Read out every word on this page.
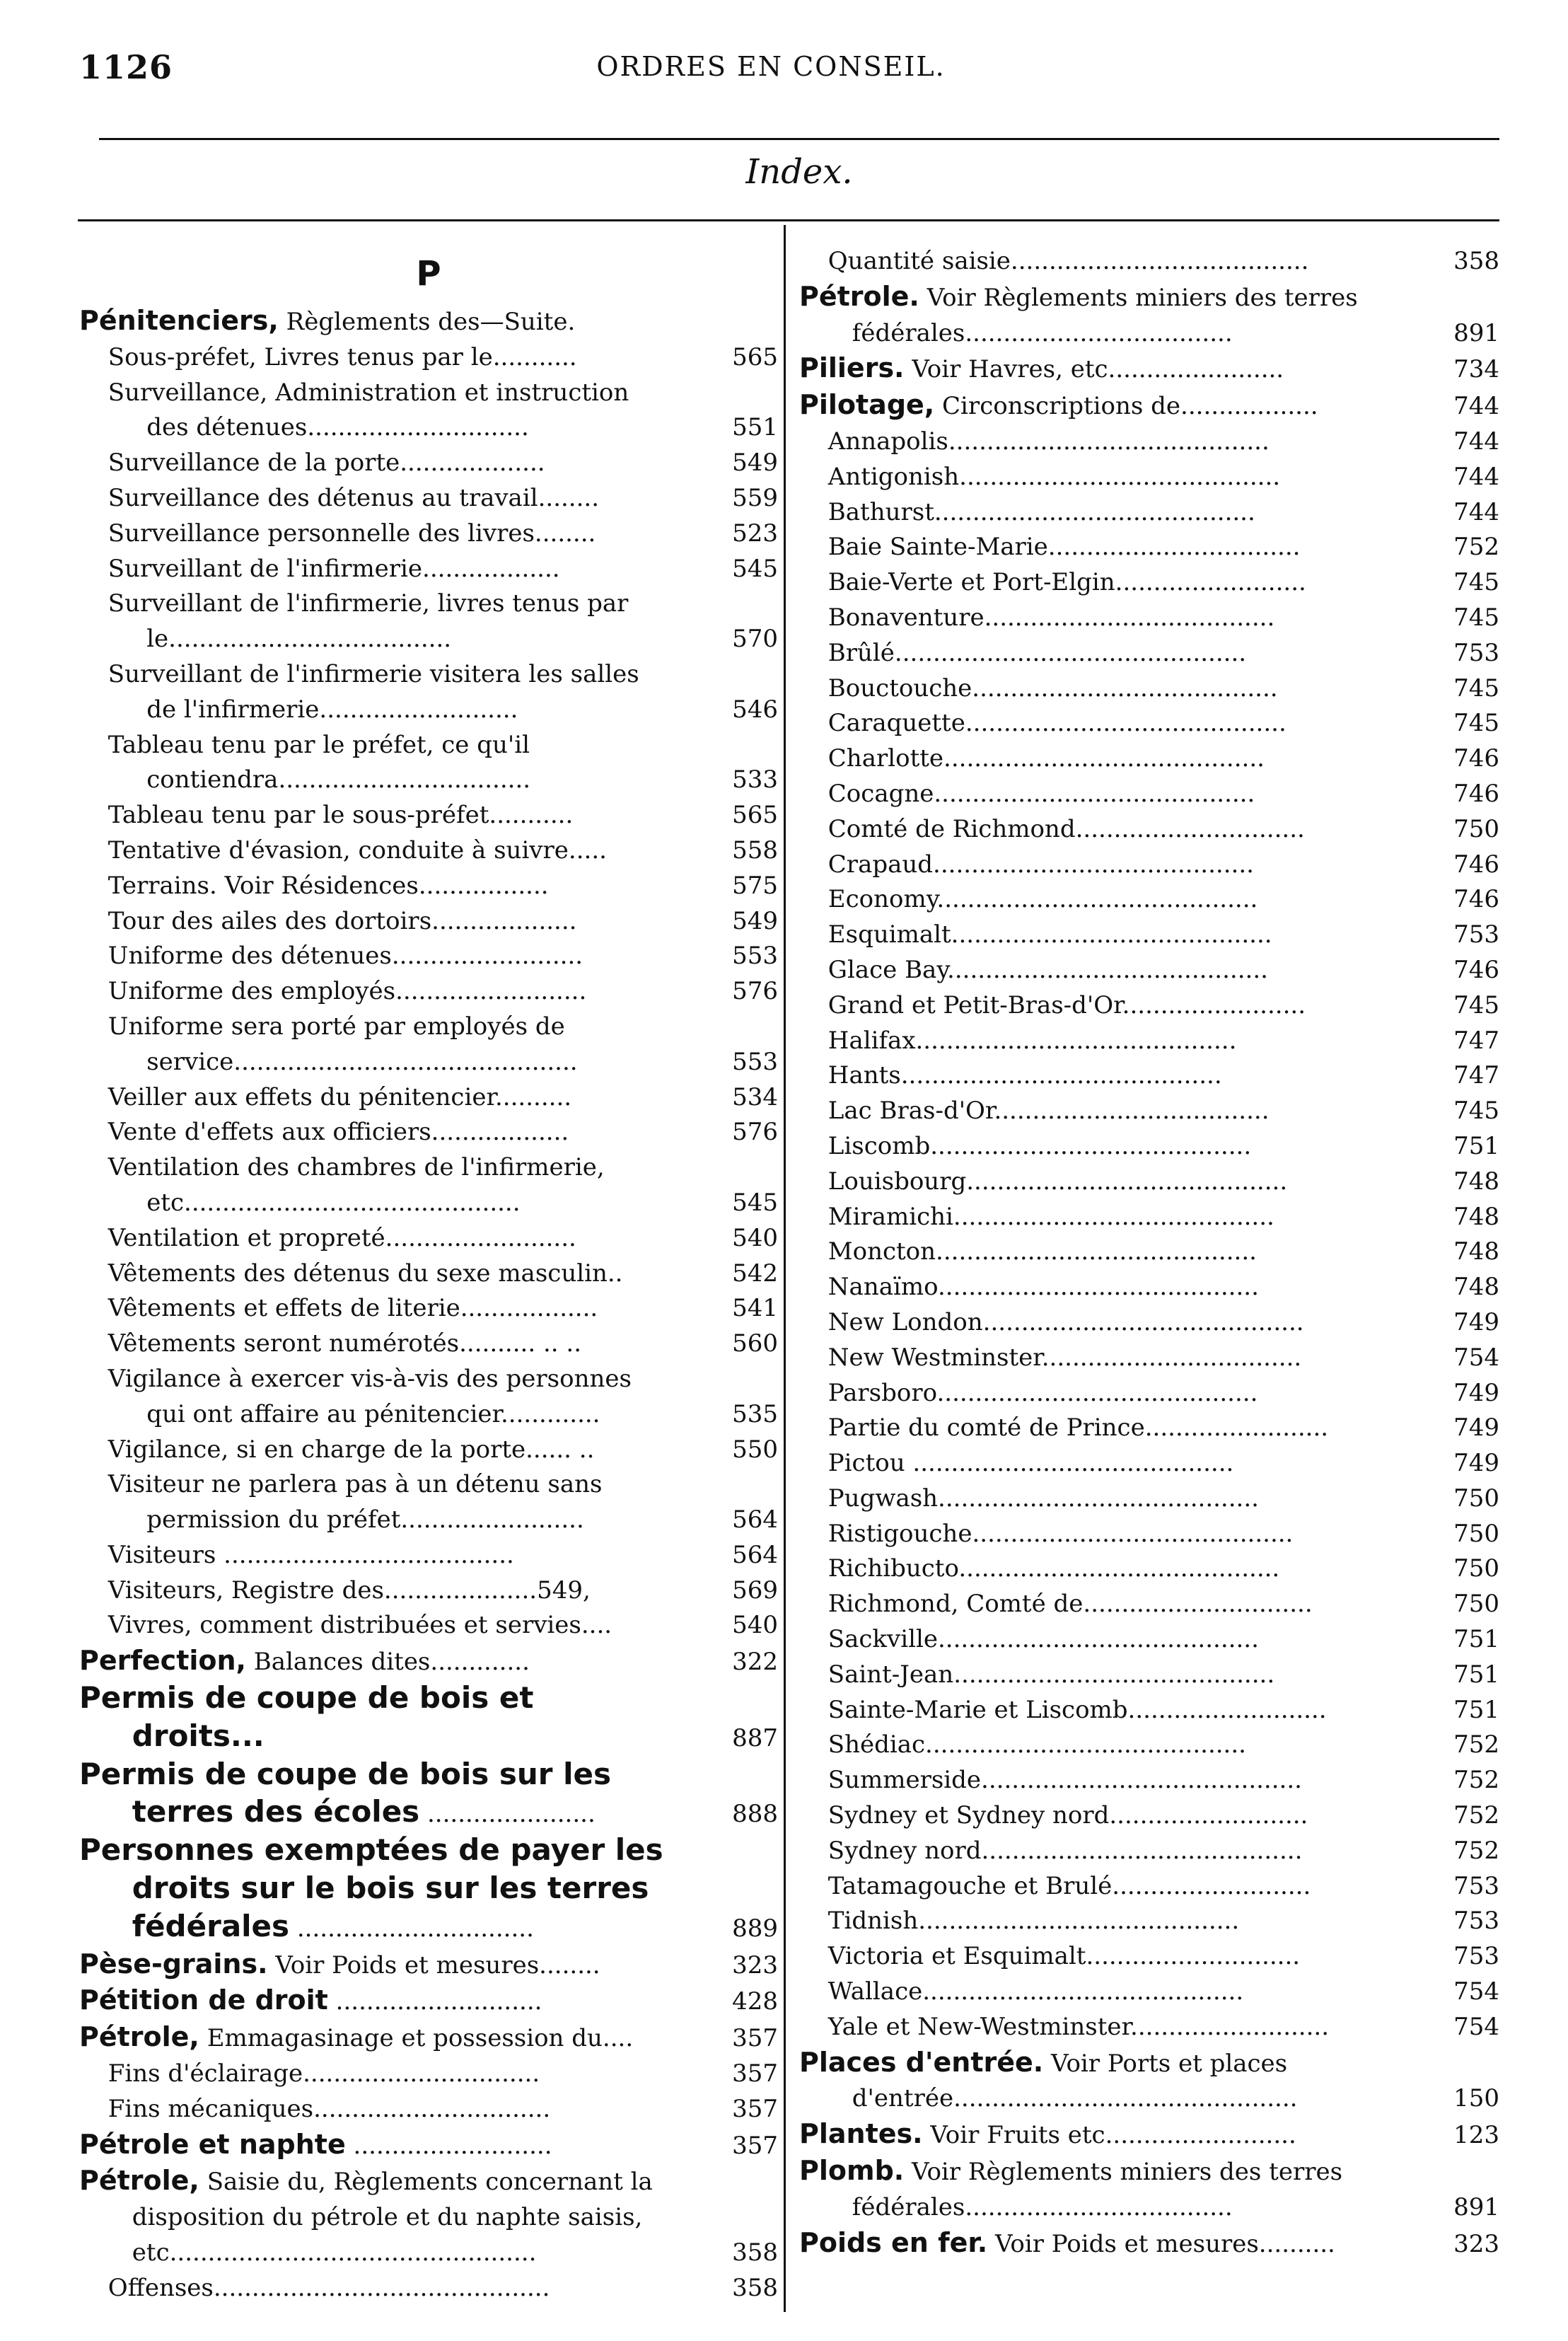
1126	ORDRES EN CONSEIL.
Index.
P
Pénitenciers, Règlements des—Suite.
Sous-préfet, Livres tenus par le...........	565
Surveillance, Administration et instruction des détenues.............................	551
Surveillance de la porte...................	549
Surveillance des détenus au travail........	559
Surveillance personnelle des livres........	523
Surveillant de l'infirmerie..................	545
Surveillant de l'infirmerie, livres tenus par le.....................................	570
Surveillant de l'infirmerie visitera les salles de l'infirmerie..........................	546
Tableau tenu par le préfet, ce qu'il contiendra.................................	533
Tableau tenu par le sous-préfet...........	565
Tentative d'évasion, conduite à suivre.....	558
Terrains. Voir Résidences.................	575
Tour des ailes des dortoirs...................	549
Uniforme des détenues.........................	553
Uniforme des employés.........................	576
Uniforme sera porté par employés de service.............................................	553
Veiller aux effets du pénitencier..........	534
Vente d'effets aux officiers..................	576
Ventilation des chambres de l'infirmerie, etc............................................	545
Ventilation et propreté.........................	540
Vêtements des détenus du sexe masculin..	542
Vêtements et effets de literie..................	541
Vêtements seront numérotés.......... .. ..	560
Vigilance à exercer vis-à-vis des personnes qui ont affaire au pénitencier.............	535
Vigilance, si en charge de la porte...... ..	550
Visiteur ne parlera pas à un détenu sans permission du préfet........................	564
Visiteurs ......................................	564
Visiteurs, Registre des....................549,	569
Vivres, comment distribuées et servies....	540
Perfection, Balances dites.............	322
Permis de coupe de bois et droits...	887
Permis de coupe de bois sur les terres des écoles ......................	888
Personnes exemptées de payer les droits sur le bois sur les terres fédérales ...............................	889
Pèse-grains. Voir Poids et mesures........	323
Pétition de droit ...........................	428
Pétrole, Emmagasinage et possession du....	357
Fins d'éclairage...............................	357
Fins mécaniques...............................	357
Pétrole et naphte ..........................	357
Pétrole, Saisie du, Règlements concernant la disposition du pétrole et du naphte saisis, etc................................................	358
Offenses............................................	358
Quantité saisie.......................................	358
Pétrole. Voir Règlements miniers des terres fédérales...................................	891
Piliers. Voir Havres, etc.......................	734
Pilotage, Circonscriptions de..................	744
Annapolis..........................................	744
Antigonish..........................................	744
Bathurst..........................................	744
Baie Sainte-Marie.................................	752
Baie-Verte et Port-Elgin.........................	745
Bonaventure......................................	745
Brûlé..............................................	753
Bouctouche........................................	745
Caraquette..........................................	745
Charlotte..........................................	746
Cocagne..........................................	746
Comté de Richmond..............................	750
Crapaud..........................................	746
Economy..........................................	746
Esquimalt..........................................	753
Glace Bay..........................................	746
Grand et Petit-Bras-d'Or........................	745
Halifax..........................................	747
Hants..........................................	747
Lac Bras-d'Or....................................	745
Liscomb..........................................	751
Louisbourg..........................................	748
Miramichi..........................................	748
Moncton..........................................	748
Nanaïmo..........................................	748
New London..........................................	749
New Westminster..................................	754
Parsboro..........................................	749
Partie du comté de Prince........................	749
Pictou ..........................................	749
Pugwash..........................................	750
Ristigouche..........................................	750
Richibucto..........................................	750
Richmond, Comté de..............................	750
Sackville..........................................	751
Saint-Jean..........................................	751
Sainte-Marie et Liscomb..........................	751
Shédiac..........................................	752
Summerside..........................................	752
Sydney et Sydney nord..........................	752
Sydney nord..........................................	752
Tatamagouche et Brulé..........................	753
Tidnish..........................................	753
Victoria et Esquimalt............................	753
Wallace..........................................	754
Yale et New-Westminster..........................	754
Places d'entrée. Voir Ports et places d'entrée.............................................	150
Plantes. Voir Fruits etc.........................	123
Plomb. Voir Règlements miniers des terres fédérales...................................	891
Poids en fer. Voir Poids et mesures..........	323
